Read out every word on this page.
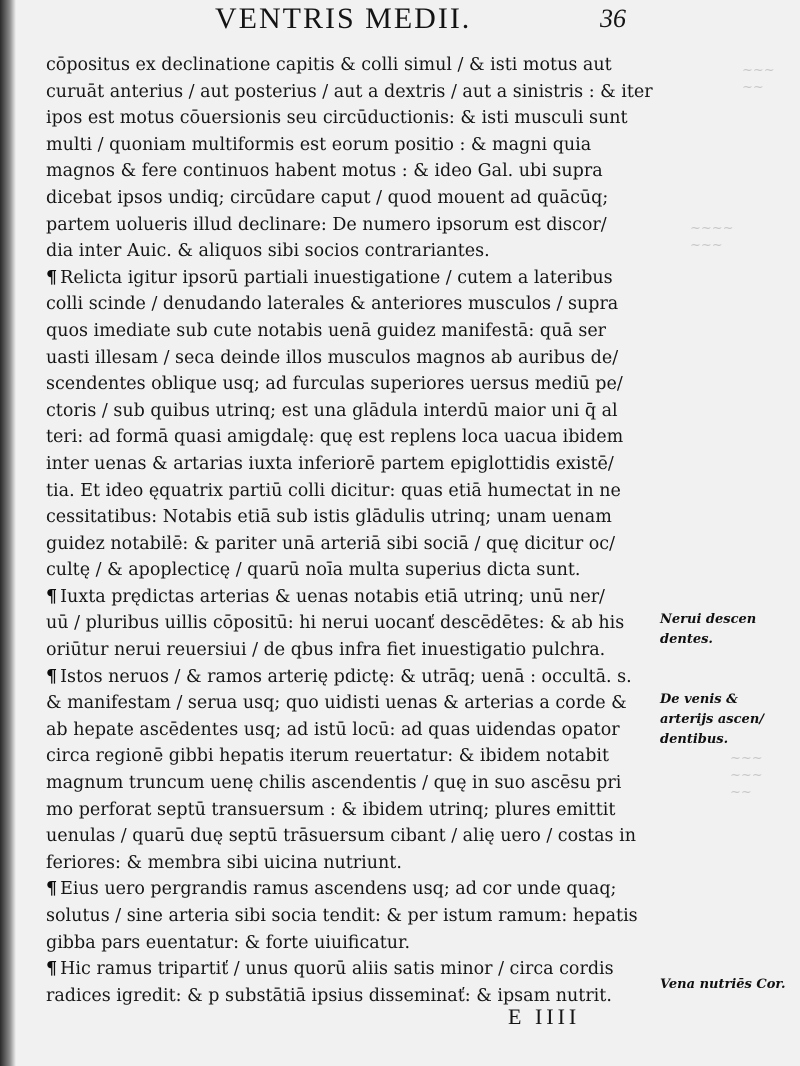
~~~
~~
~~~~
~~~
~~~
~~~
~~
VENTRIS MEDII.	36
cōpositus ex declinatione capitis & colli simul / & isti motus aut
curuāt anterius / aut posterius / aut a dextris / aut a sinistris : & iter
ipos est motus cōuersionis seu circūductionis: & isti musculi sunt
multi / quoniam multiformis est eorum positio : & magni quia
magnos & fere continuos habent motus : & ideo Gal. ubi supra
dicebat ipsos undiq; circūdare caput / quod mouent ad quācūq;
partem uolueris illud declinare: De numero ipsorum est discor/
dia inter Auic. & aliquos sibi socios contrariantes.
¶ Relicta igitur ipsorū partiali inuestigatione / cutem a lateribus
colli scinde / denudando laterales & anteriores musculos / supra
quos imediate sub cute notabis uenā guidez manifestā: quā ser
uasti illesam / seca deinde illos musculos magnos ab auribus de/
scendentes oblique usq; ad furculas superiores uersus mediū pe/
ctoris / sub quibus utrinq; est una glādula interdū maior uni q̄ al
teri: ad formā quasi amigdalę: quę est replens loca uacua ibidem
inter uenas & artarias iuxta inferiorē partem epiglottidis existē/
tia. Et ideo ęquatrix partiū colli dicitur: quas etiā humectat in ne
cessitatibus: Notabis etiā sub istis glādulis utrinq; unam uenam
guidez notabilē: & pariter unā arteriā sibi sociā / quę dicitur oc/
cultę / & apoplecticę / quarū noīa multa superius dicta sunt.
¶ Iuxta prędictas arterias & uenas notabis etiā utrinq; unū ner/
uū / pluribus uillis cōpositū: hi nerui uocanť descēdētes: & ab his
oriūtur nerui reuersiui / de qbus infra fiet inuestigatio pulchra.
¶ Istos neruos / & ramos arterię pdictę: & utrāq; uenā : occultā. s.
& manifestam / serua usq; quo uidisti uenas & arterias a corde &
ab hepate ascēdentes usq; ad istū locū: ad quas uidendas opator
circa regionē gibbi hepatis iterum reuertatur: & ibidem notabit
magnum truncum uenę chilis ascendentis / quę in suo ascēsu pri
mo perforat septū transuersum : & ibidem utrinq; plures emittit
uenulas / quarū duę septū trāsuersum cibant / alię uero / costas in
feriores: & membra sibi uicina nutriunt.
¶ Eius uero pergrandis ramus ascendens usq; ad cor unde quaq;
solutus / sine arteria sibi socia tendit: & per istum ramum: hepatis
gibba pars euentatur: & forte uiuificatur.
¶ Hic ramus tripartiť / unus quorū aliis satis minor / circa cordis
radices igredit: & p substātiā ipsius disseminať: & ipsam nutrit.
E IIII
Nerui descen dentes.
De venis & arterijs ascen/ dentibus.
Vena nutriēs Cor.
